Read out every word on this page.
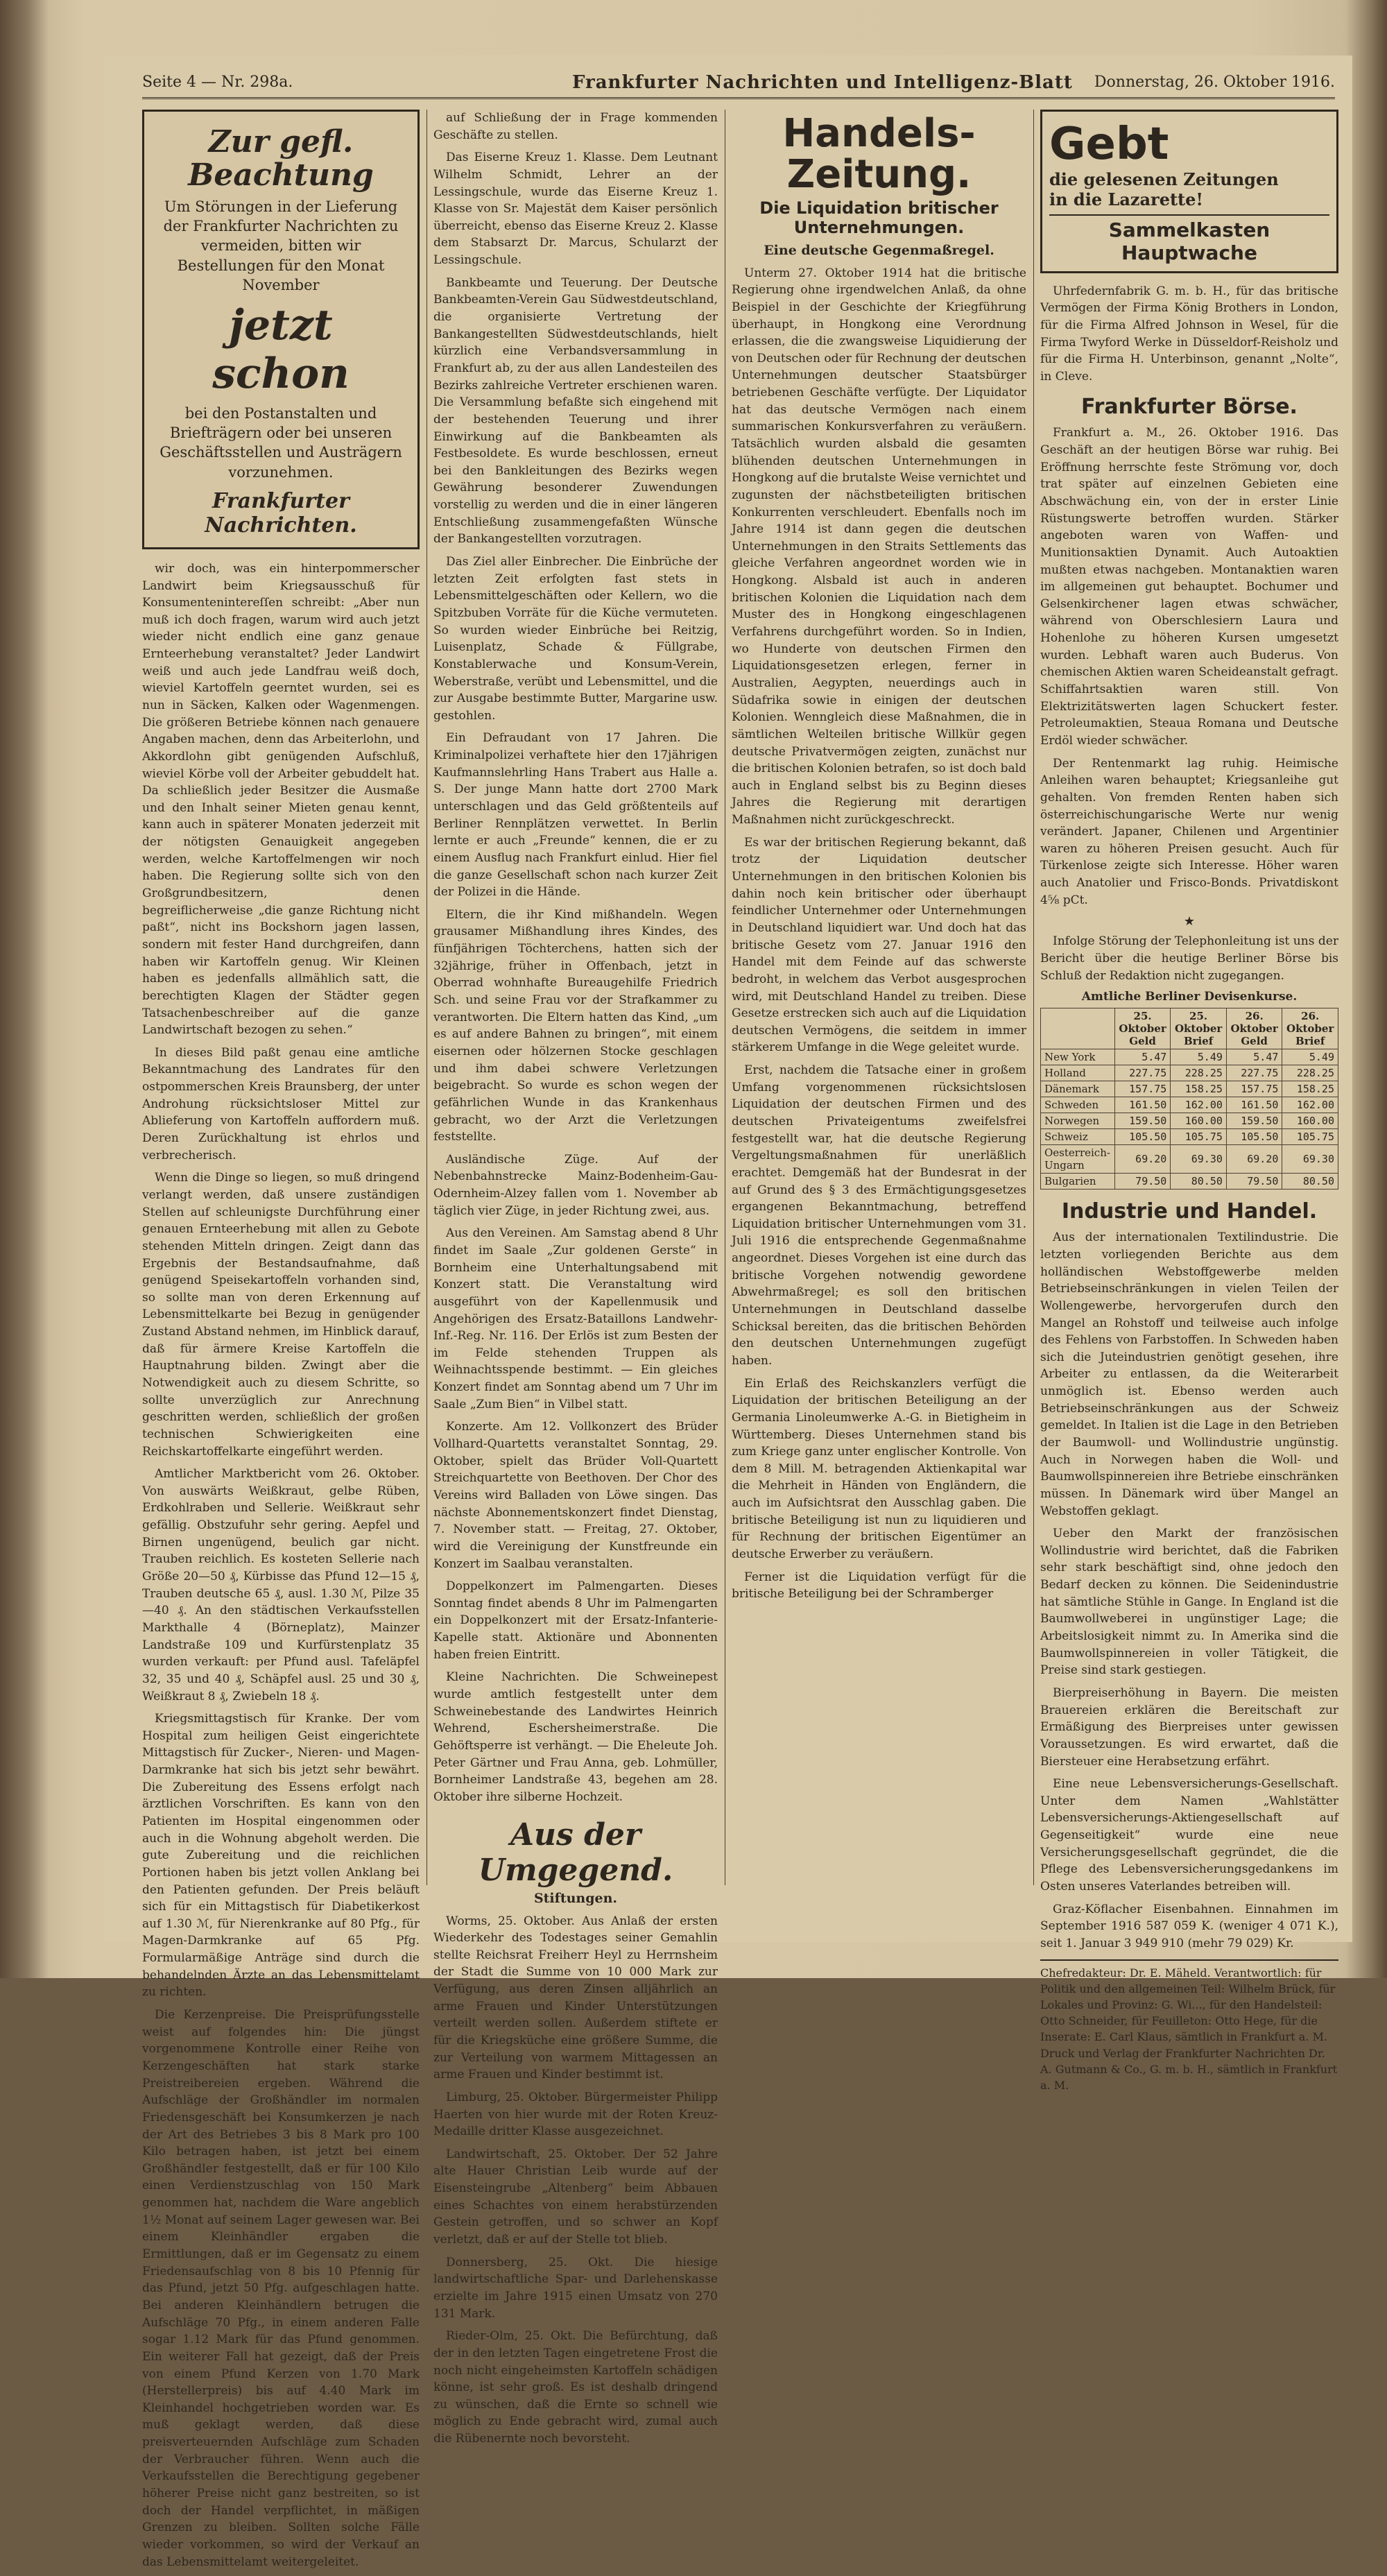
Seite 4 — Nr. 298a.	Frankfurter Nachrichten und Intelligenz-Blatt Donnerstag, 26. Oktober 1916.
Zur gefl. Beachtung
Um Störungen in der Lieferung der Frankfurter Nachrichten zu vermeiden, bitten wir Bestellungen für den Monat November
jetzt schon
bei den Postanstalten und Briefträgern oder bei unseren Geschäftsstellen und Austrägern vorzunehmen.
Frankfurter Nachrichten.

wir doch, was ein hinterpommerscher Landwirt beim Kriegsausschuß für Konsumentenintereſſen schreibt: „Aber nun muß ich doch fragen, warum wird auch jetzt wieder nicht endlich eine ganz genaue Ernteerhebung veranstaltet? Jeder Landwirt weiß und auch jede Landfrau weiß doch, wieviel Kartoffeln geerntet wurden, sei es nun in Säcken, Kalken oder Wagenmengen. Die größeren Betriebe können nach genauere Angaben machen, denn das Arbeiterlohn, und Akkordlohn gibt genügenden Aufschluß, wieviel Körbe voll der Arbeiter gebuddelt hat. Da schließlich jeder Besitzer die Ausmaße und den Inhalt seiner Mieten genau kennt, kann auch in späterer Monaten jederzeit mit der nötigsten Genauigkeit angegeben werden, welche Kartoffelmengen wir noch haben. Die Regierung sollte sich von den Großgrundbesitzern, denen begreiflicherweise „die ganze Richtung nicht paßt“, nicht ins Bockshorn jagen lassen, sondern mit fester Hand durchgreifen, dann haben wir Kartoffeln genug. Wir Kleinen haben es jedenfalls allmählich satt, die berechtigten Klagen der Städter gegen Tatsachenbeschreiber auf die ganze Landwirtschaft bezogen zu sehen.“

In dieses Bild paßt genau eine amtliche Bekanntmachung des Landrates für den ostpommerschen Kreis Braunsberg, der unter Androhung rücksichtsloser Mittel zur Ablieferung von Kartoffeln auffordern muß. Deren Zurückhaltung ist ehrlos und verbrecherisch.

Wenn die Dinge so liegen, so muß dringend verlangt werden, daß unsere zuständigen Stellen auf schleunigste Durchführung einer genauen Ernteerhebung mit allen zu Gebote stehenden Mitteln dringen. Zeigt dann das Ergebnis der Bestandsaufnahme, daß genügend Speisekartoffeln vorhanden sind, so sollte man von deren Erkennung auf Lebensmittelkarte bei Bezug in genügender Zustand Abstand nehmen, im Hinblick darauf, daß für ärmere Kreise Kartoffeln die Hauptnahrung bilden. Zwingt aber die Notwendigkeit auch zu diesem Schritte, so sollte unverzüglich zur Anrechnung geschritten werden, schließlich der großen technischen Schwierigkeiten eine Reichskartoffelkarte eingeführt werden.

Amtlicher Marktbericht vom 26. Oktober. Von auswärts Weißkraut, gelbe Rüben, Erdkohlraben und Sellerie. Weißkraut sehr gefällig. Obstzufuhr sehr gering. Aepfel und Birnen ungenügend, beulich gar nicht. Trauben reichlich. Es kosteten Sellerie nach Größe 20—50 ₰, Kürbisse das Pfund 12—15 ₰, Trauben deutsche 65 ₰, ausl. 1.30 ℳ, Pilze 35—40 ₰. An den städtischen Verkaufsstellen Markthalle 4 (Börneplatz), Mainzer Landstraße 109 und Kurfürstenplatz 35 wurden verkauft: per Pfund ausl. Tafeläpfel 32, 35 und 40 ₰, Schäpfel ausl. 25 und 30 ₰, Weißkraut 8 ₰, Zwiebeln 18 ₰.

Kriegsmittagstisch für Kranke. Der vom Hospital zum heiligen Geist eingerichtete Mittagstisch für Zucker-, Nieren- und Magen-Darmkranke hat sich bis jetzt sehr bewährt. Die Zubereitung des Essens erfolgt nach ärztlichen Vorschriften. Es kann von den Patienten im Hospital eingenommen oder auch in die Wohnung abgeholt werden. Die gute Zubereitung und die reichlichen Portionen haben bis jetzt vollen Anklang bei den Patienten gefunden. Der Preis beläuft sich für ein Mittagstisch für Diabetikerkost auf 1.30 ℳ, für Nierenkranke auf 80 Pfg., für Magen-Darmkranke auf 65 Pfg. Formularmäßige Anträge sind durch die behandelnden Ärzte an das Lebensmittelamt zu richten.

Die Kerzenpreise. Die Preisprüfungsstelle weist auf folgendes hin: Die jüngst vorgenommene Kontrolle einer Reihe von Kerzengeschäften hat stark starke Preistreibereien ergeben. Während die Aufschläge der Großhändler im normalen Friedensgeschäft bei Konsumkerzen je nach der Art des Betriebes 3 bis 8 Mark pro 100 Kilo betragen haben, ist jetzt bei einem Großhändler festgestellt, daß er für 100 Kilo einen Verdienstzuschlag von 150 Mark genommen hat, nachdem die Ware angeblich 1½ Monat auf seinem Lager gewesen war. Bei einem Kleinhändler ergaben die Ermittlungen, daß er im Gegensatz zu einem Friedensaufschlag von 8 bis 10 Pfennig für das Pfund, jetzt 50 Pfg. aufgeschlagen hatte. Bei anderen Kleinhändlern betrugen die Aufschläge 70 Pfg., in einem anderen Falle sogar 1.12 Mark für das Pfund genommen. Ein weiterer Fall hat gezeigt, daß der Preis von einem Pfund Kerzen von 1.70 Mark (Herstellerpreis) bis auf 4.40 Mark im Kleinhandel hochgetrieben worden war. Es muß geklagt werden, daß diese preisverteuernden Aufschläge zum Schaden der Verbraucher führen. Wenn auch die Verkaufsstellen die Berechtigung gegebener höherer Preise nicht ganz bestreiten, so ist doch der Handel verpflichtet, in mäßigen Grenzen zu bleiben. Sollten solche Fälle wieder vorkommen, so wird der Verkauf an das Lebensmittelamt weitergeleitet.

auf Schließung der in Frage kommenden Geschäfte zu stellen.

Das Eiserne Kreuz 1. Klasse. Dem Leutnant Wilhelm Schmidt, Lehrer an der Lessingschule, wurde das Eiserne Kreuz 1. Klasse von Sr. Majestät dem Kaiser persönlich überreicht, ebenso das Eiserne Kreuz 2. Klasse dem Stabsarzt Dr. Marcus, Schularzt der Lessingschule.

Bankbeamte und Teuerung. Der Deutsche Bankbeamten-Verein Gau Südwestdeutschland, die organisierte Vertretung der Bankangestellten Südwestdeutschlands, hielt kürzlich eine Verbandsversammlung in Frankfurt ab, zu der aus allen Landesteilen des Bezirks zahlreiche Vertreter erschienen waren. Die Versammlung befaßte sich eingehend mit der bestehenden Teuerung und ihrer Einwirkung auf die Bankbeamten als Festbesoldete. Es wurde beschlossen, erneut bei den Bankleitungen des Bezirks wegen Gewährung besonderer Zuwendungen vorstellig zu werden und die in einer längeren Entschließung zusammengefaßten Wünsche der Bankangestellten vorzutragen.

Das Ziel aller Einbrecher. Die Einbrüche der letzten Zeit erfolgten fast stets in Lebensmittelgeschäften oder Kellern, wo die Spitzbuben Vorräte für die Küche vermuteten. So wurden wieder Einbrüche bei Reitzig, Luisenplatz, Schade & Füllgrabe, Konstablerwache und Konsum-Verein, Weberstraße, verübt und Lebensmittel, und die zur Ausgabe bestimmte Butter, Margarine usw. gestohlen.

Ein Defraudant von 17 Jahren. Die Kriminalpolizei verhaftete hier den 17jährigen Kaufmannslehrling Hans Trabert aus Halle a. S. Der junge Mann hatte dort 2700 Mark unterschlagen und das Geld größtenteils auf Berliner Rennplätzen verwettet. In Berlin lernte er auch „Freunde“ kennen, die er zu einem Ausflug nach Frankfurt einlud. Hier fiel die ganze Gesellschaft schon nach kurzer Zeit der Polizei in die Hände.

Eltern, die ihr Kind mißhandeln. Wegen grausamer Mißhandlung ihres Kindes, des fünfjährigen Töchterchens, hatten sich der 32jährige, früher in Offenbach, jetzt in Oberrad wohnhafte Bureaugehilfe Friedrich Sch. und seine Frau vor der Strafkammer zu verantworten. Die Eltern hatten das Kind, „um es auf andere Bahnen zu bringen“, mit einem eisernen oder hölzernen Stocke geschlagen und ihm dabei schwere Verletzungen beigebracht. So wurde es schon wegen der gefährlichen Wunde in das Krankenhaus gebracht, wo der Arzt die Verletzungen feststellte.

Ausländische Züge. Auf der Nebenbahnstrecke Mainz-Bodenheim-Gau-Odernheim-Alzey fallen vom 1. November ab täglich vier Züge, in jeder Richtung zwei, aus.

Aus den Vereinen. Am Samstag abend 8 Uhr findet im Saale „Zur goldenen Gerste“ in Bornheim eine Unterhaltungsabend mit Konzert statt. Die Veranstaltung wird ausgeführt von der Kapellenmusik und Angehörigen des Ersatz-Bataillons Landwehr-Inf.-Reg. Nr. 116. Der Erlös ist zum Besten der im Felde stehenden Truppen als Weihnachtsspende bestimmt. — Ein gleiches Konzert findet am Sonntag abend um 7 Uhr im Saale „Zum Bien“ in Vilbel statt.

Konzerte. Am 12. Vollkonzert des Brüder Vollhard-Quartetts veranstaltet Sonntag, 29. Oktober, spielt das Brüder Voll-Quartett Streichquartette von Beethoven. Der Chor des Vereins wird Balladen von Löwe singen. Das nächste Abonnementskonzert findet Dienstag, 7. November statt. — Freitag, 27. Oktober, wird die Vereinigung der Kunstfreunde ein Konzert im Saalbau veranstalten.

Doppelkonzert im Palmengarten. Dieses Sonntag findet abends 8 Uhr im Palmengarten ein Doppelkonzert mit der Ersatz-Infanterie-Kapelle statt. Aktionäre und Abonnenten haben freien Eintritt.

Kleine Nachrichten. Die Schweinepest wurde amtlich festgestellt unter dem Schweinebestande des Landwirtes Heinrich Wehrend, Eschersheimerstraße. Die Gehöftsperre ist verhängt. — Die Eheleute Joh. Peter Gärtner und Frau Anna, geb. Lohmüller, Bornheimer Landstraße 43, begehen am 28. Oktober ihre silberne Hochzeit.

Aus der Umgegend.
Stiftungen.

Worms, 25. Oktober. Aus Anlaß der ersten Wiederkehr des Todestages seiner Gemahlin stellte Reichsrat Freiherr Heyl zu Herrnsheim der Stadt die Summe von 10 000 Mark zur Verfügung, aus deren Zinsen alljährlich an arme Frauen und Kinder Unterstützungen verteilt werden sollen. Außerdem stiftete er für die Kriegsküche eine größere Summe, die zur Verteilung von warmem Mittagessen an arme Frauen und Kinder bestimmt ist.

Limburg, 25. Oktober. Bürgermeister Philipp Haerten von hier wurde mit der Roten Kreuz-Medaille dritter Klasse ausgezeichnet.

Landwirtschaft, 25. Oktober. Der 52 Jahre alte Hauer Christian Leib wurde auf der Eisensteingrube „Altenberg“ beim Abbauen eines Schachtes von einem herabstürzenden Gestein getroffen, und so schwer an Kopf verletzt, daß er auf der Stelle tot blieb.

Donnersberg, 25. Okt. Die hiesige landwirtschaftliche Spar- und Darlehenskasse erzielte im Jahre 1915 einen Umsatz von 270 131 Mark.

Rieder-Olm, 25. Okt. Die Befürchtung, daß der in den letzten Tagen eingetretene Frost die noch nicht eingeheimsten Kartoffeln schädigen könne, ist sehr groß. Es ist deshalb dringend zu wünschen, daß die Ernte so schnell wie möglich zu Ende gebracht wird, zumal auch die Rübenernte noch bevorsteht.

Handels-Zeitung.
Die Liquidation britischer Unternehmungen.
Eine deutsche Gegenmaßregel.

Unterm 27. Oktober 1914 hat die britische Regierung ohne irgendwelchen Anlaß, da ohne Beispiel in der Geschichte der Kriegführung überhaupt, in Hongkong eine Verordnung erlassen, die die zwangsweise Liquidierung der von Deutschen oder für Rechnung der deutschen Unternehmungen deutscher Staatsbürger betriebenen Geschäfte verfügte. Der Liquidator hat das deutsche Vermögen nach einem summarischen Konkursverfahren zu veräußern. Tatsächlich wurden alsbald die gesamten blühenden deutschen Unternehmungen in Hongkong auf die brutalste Weise vernichtet und zugunsten der nächstbeteiligten britischen Konkurrenten verschleudert. Ebenfalls noch im Jahre 1914 ist dann gegen die deutschen Unternehmungen in den Straits Settlements das gleiche Verfahren angeordnet worden wie in Hongkong. Alsbald ist auch in anderen britischen Kolonien die Liquidation nach dem Muster des in Hongkong eingeschlagenen Verfahrens durchgeführt worden. So in Indien, wo Hunderte von deutschen Firmen den Liquidationsgesetzen erlegen, ferner in Australien, Aegypten, neuerdings auch in Südafrika sowie in einigen der deutschen Kolonien. Wenngleich diese Maßnahmen, die in sämtlichen Welteilen britische Willkür gegen deutsche Privatvermögen zeigten, zunächst nur die britischen Kolonien betrafen, so ist doch bald auch in England selbst bis zu Beginn dieses Jahres die Regierung mit derartigen Maßnahmen nicht zurückgeschreckt.

Es war der britischen Regierung bekannt, daß trotz der Liquidation deutscher Unternehmungen in den britischen Kolonien bis dahin noch kein britischer oder überhaupt feindlicher Unternehmer oder Unternehmungen in Deutschland liquidiert war. Und doch hat das britische Gesetz vom 27. Januar 1916 den Handel mit dem Feinde auf das schwerste bedroht, in welchem das Verbot ausgesprochen wird, mit Deutschland Handel zu treiben. Diese Gesetze erstrecken sich auch auf die Liquidation deutschen Vermögens, die seitdem in immer stärkerem Umfange in die Wege geleitet wurde.

Erst, nachdem die Tatsache einer in großem Umfang vorgenommenen rücksichtslosen Liquidation der deutschen Firmen und des deutschen Privateigentums zweifelsfrei festgestellt war, hat die deutsche Regierung Vergeltungsmaßnahmen für unerläßlich erachtet. Demgemäß hat der Bundesrat in der auf Grund des § 3 des Ermächtigungsgesetzes ergangenen Bekanntmachung, betreffend Liquidation britischer Unternehmungen vom 31. Juli 1916 die entsprechende Gegenmaßnahme angeordnet. Dieses Vorgehen ist eine durch das britische Vorgehen notwendig gewordene Abwehrmaßregel; es soll den britischen Unternehmungen in Deutschland dasselbe Schicksal bereiten, das die britischen Behörden den deutschen Unternehmungen zugefügt haben.

Ein Erlaß des Reichskanzlers verfügt die Liquidation der britischen Beteiligung an der Germania Linoleumwerke A.-G. in Bietigheim in Württemberg. Dieses Unternehmen stand bis zum Kriege ganz unter englischer Kontrolle. Von dem 8 Mill. M. betragenden Aktienkapital war die Mehrheit in Händen von Engländern, die auch im Aufsichtsrat den Ausschlag gaben. Die britische Beteiligung ist nun zu liquidieren und für Rechnung der britischen Eigentümer an deutsche Erwerber zu veräußern.

Ferner ist die Liquidation verfügt für die britische Beteiligung bei der Schramberger

Gebt
die gelesenen Zeitungen
in die Lazarette!
Sammelkasten Hauptwache

Uhrfedernfabrik G. m. b. H., für das britische Vermögen der Firma König Brothers in London, für die Firma Alfred Johnson in Wesel, für die Firma Twyford Werke in Düsseldorf-Reisholz und für die Firma H. Unterbinson, genannt „Nolte“, in Cleve.

Frankfurter Börse.

Frankfurt a. M., 26. Oktober 1916. Das Geschäft an der heutigen Börse war ruhig. Bei Eröffnung herrschte feste Strömung vor, doch trat später auf einzelnen Gebieten eine Abschwächung ein, von der in erster Linie Rüstungswerte betroffen wurden. Stärker angeboten waren von Waffen- und Munitionsaktien Dynamit. Auch Autoaktien mußten etwas nachgeben. Montanaktien waren im allgemeinen gut behauptet. Bochumer und Gelsenkirchener lagen etwas schwächer, während von Oberschlesiern Laura und Hohenlohe zu höheren Kursen umgesetzt wurden. Lebhaft waren auch Buderus. Von chemischen Aktien waren Scheideanstalt gefragt. Schiffahrtsaktien waren still. Von Elektrizitätswerten lagen Schuckert fester. Petroleumaktien, Steaua Romana und Deutsche Erdöl wieder schwächer.

Der Rentenmarkt lag ruhig. Heimische Anleihen waren behauptet; Kriegsanleihe gut gehalten. Von fremden Renten haben sich österreichischungarische Werte nur wenig verändert. Japaner, Chilenen und Argentinier waren zu höheren Preisen gesucht. Auch für Türkenlose zeigte sich Interesse. Höher waren auch Anatolier und Frisco-Bonds. Privatdiskont 4⅝ pCt.

★

Infolge Störung der Telephonleitung ist uns der Bericht über die heutige Berliner Börse bis Schluß der Redaktion nicht zugegangen.

Amtliche Berliner Devisenkurse.
	25. Oktober Geld	25. Oktober Brief	26. Oktober Geld	26. Oktober Brief
New York	5.47	5.49	5.47	5.49
Holland	227.75	228.25	227.75	228.25
Dänemark	157.75	158.25	157.75	158.25
Schweden	161.50	162.00	161.50	162.00
Norwegen	159.50	160.00	159.50	160.00
Schweiz	105.50	105.75	105.50	105.75
Oesterreich-Ungarn	69.20	69.30	69.20	69.30
Bulgarien	79.50	80.50	79.50	80.50
Industrie und Handel.

Aus der internationalen Textilindustrie. Die letzten vorliegenden Berichte aus dem holländischen Webstoffgewerbe melden Betriebseinschränkungen in vielen Teilen der Wollengewerbe, hervorgerufen durch den Mangel an Rohstoff und teilweise auch infolge des Fehlens von Farbstoffen. In Schweden haben sich die Juteindustrien genötigt gesehen, ihre Arbeiter zu entlassen, da die Weiterarbeit unmöglich ist. Ebenso werden auch Betriebseinschränkungen aus der Schweiz gemeldet. In Italien ist die Lage in den Betrieben der Baumwoll- und Wollindustrie ungünstig. Auch in Norwegen haben die Woll- und Baumwollspinnereien ihre Betriebe einschränken müssen. In Dänemark wird über Mangel an Webstoffen geklagt.

Ueber den Markt der französischen Wollindustrie wird berichtet, daß die Fabriken sehr stark beschäftigt sind, ohne jedoch den Bedarf decken zu können. Die Seidenindustrie hat sämtliche Stühle in Gange. In England ist die Baumwollweberei in ungünstiger Lage; die Arbeitslosigkeit nimmt zu. In Amerika sind die Baumwollspinnereien in voller Tätigkeit, die Preise sind stark gestiegen.

Bierpreiserhöhung in Bayern. Die meisten Brauereien erklären die Bereitschaft zur Ermäßigung des Bierpreises unter gewissen Voraussetzungen. Es wird erwartet, daß die Biersteuer eine Herabsetzung erfährt.

Eine neue Lebensversicherungs-Gesellschaft. Unter dem Namen „Wahlstätter Lebensversicherungs-Aktiengesellschaft auf Gegenseitigkeit“ wurde eine neue Versicherungsgesellschaft gegründet, die die Pflege des Lebensversicherungsgedankens im Osten unseres Vaterlandes betreiben will.

Graz-Köflacher Eisenbahnen. Einnahmen im September 1916 587 059 K. (weniger 4 071 K.), seit 1. Januar 3 949 910 (mehr 79 029) Kr.

Chefredakteur: Dr. E. Mäheld. Verantwortlich: für Politik und den allgemeinen Teil: Wilhelm Brück, für Lokales und Provinz: G. Wi..., für den Handelsteil: Otto Schneider, für Feuilleton: Otto Hege, für die Inserate: E. Carl Klaus, sämtlich in Frankfurt a. M. Druck und Verlag der Frankfurter Nachrichten Dr. A. Gutmann & Co., G. m. b. H., sämtlich in Frankfurt a. M.
